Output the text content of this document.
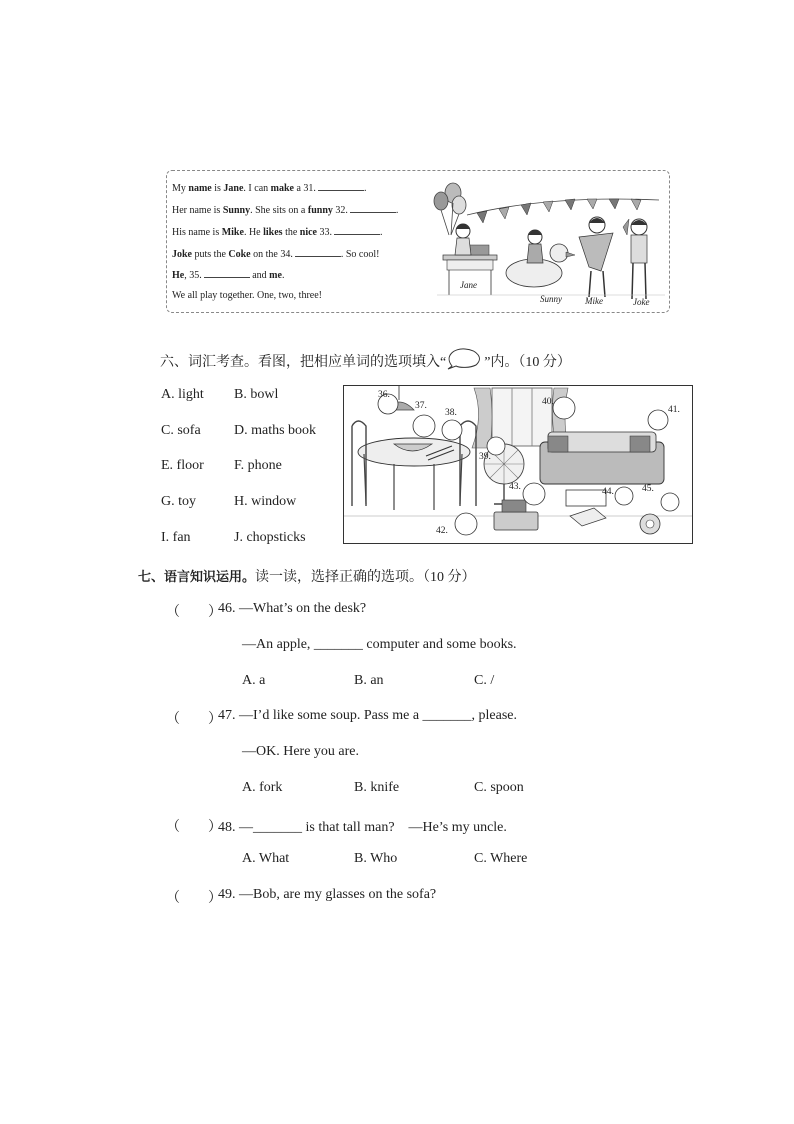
My name is Jane. I can make a 31.	.
Her name is Sunny. She sits on a funny 32.	.
His name is Mike. He likes the nice 33.	.
Joke puts the Coke on the 34.	. So cool!
He, 35.	and me.
We all play together. One, two, three!
Jane
Sunny	Mike	Joke
六、词汇考查。看图，把相应单词的选项填入“	”内。（10 分）
A. light B. bowl
C. sofa D. maths book
E. floor F. phone
G. toy	H. window
I. fan	J. chopsticks
36.
37.
38.
39.
40.
41.
42.
43.	44.	45.
七、语言知识运用。读一读，选择正确的选项。（10 分）
（　　）
46. —What’s on the desk?
—An apple, _______ computer and some books.
A. a	B. an	C. /
（　　）
47. —I’d like some soup. Pass me a _______, please.
—OK. Here you are.
A. fork	B. knife	C. spoon
（　　）
48. —_______ is that tall man?　—He’s my uncle.
A. What	B. Who	C. Where
（　　）
49. —Bob, are my glasses on the sofa?
